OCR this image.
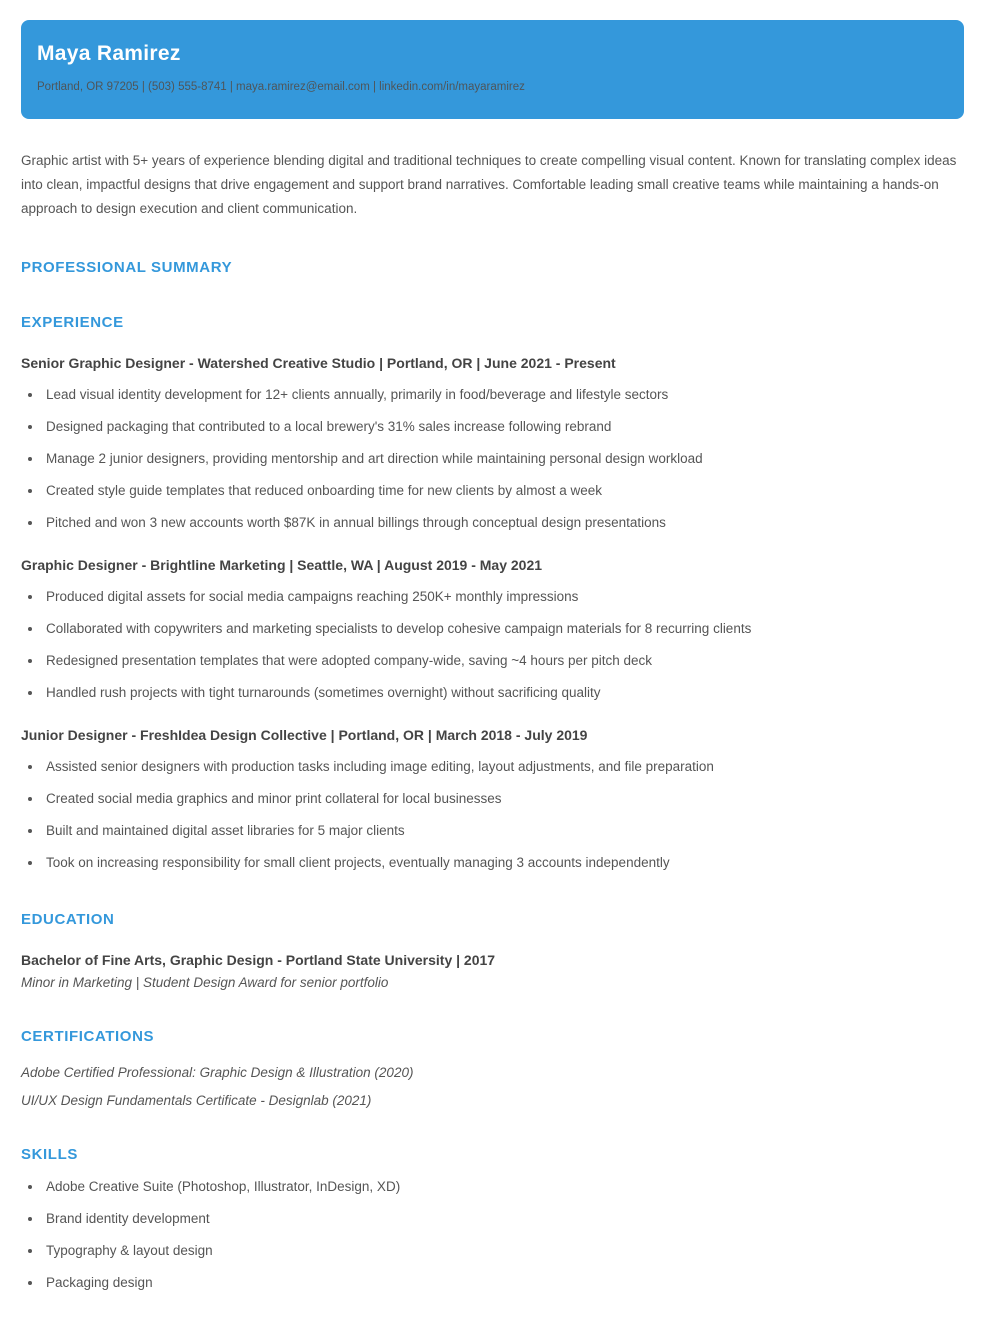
Maya Ramirez
Portland, OR 97205 | (503) 555-8741 | maya.ramirez@email.com | linkedin.com/in/mayaramirez

Graphic artist with 5+ years of experience blending digital and traditional techniques to create compelling visual content. Known for translating complex ideas into clean, impactful designs that drive engagement and support brand narratives. Comfortable leading small creative teams while maintaining a hands-on approach to design execution and client communication.

PROFESSIONAL SUMMARY
EXPERIENCE
Senior Graphic Designer - Watershed Creative Studio | Portland, OR | June 2021 - Present
• Lead visual identity development for 12+ clients annually, primarily in food/beverage and lifestyle sectors
• Designed packaging that contributed to a local brewery's 31% sales increase following rebrand
• Manage 2 junior designers, providing mentorship and art direction while maintaining personal design workload
• Created style guide templates that reduced onboarding time for new clients by almost a week
• Pitched and won 3 new accounts worth $87K in annual billings through conceptual design presentations
Graphic Designer - Brightline Marketing | Seattle, WA | August 2019 - May 2021
• Produced digital assets for social media campaigns reaching 250K+ monthly impressions
• Collaborated with copywriters and marketing specialists to develop cohesive campaign materials for 8 recurring clients
• Redesigned presentation templates that were adopted company-wide, saving ~4 hours per pitch deck
• Handled rush projects with tight turnarounds (sometimes overnight) without sacrificing quality
Junior Designer - FreshIdea Design Collective | Portland, OR | March 2018 - July 2019
• Assisted senior designers with production tasks including image editing, layout adjustments, and file preparation
• Created social media graphics and minor print collateral for local businesses
• Built and maintained digital asset libraries for 5 major clients
• Took on increasing responsibility for small client projects, eventually managing 3 accounts independently
EDUCATION
Bachelor of Fine Arts, Graphic Design - Portland State University | 2017

Minor in Marketing | Student Design Award for senior portfolio

CERTIFICATIONS

Adobe Certified Professional: Graphic Design & Illustration (2020)

UI/UX Design Fundamentals Certificate - Designlab (2021)

SKILLS
• Adobe Creative Suite (Photoshop, Illustrator, InDesign, XD)
• Brand identity development
• Typography & layout design
• Packaging design
